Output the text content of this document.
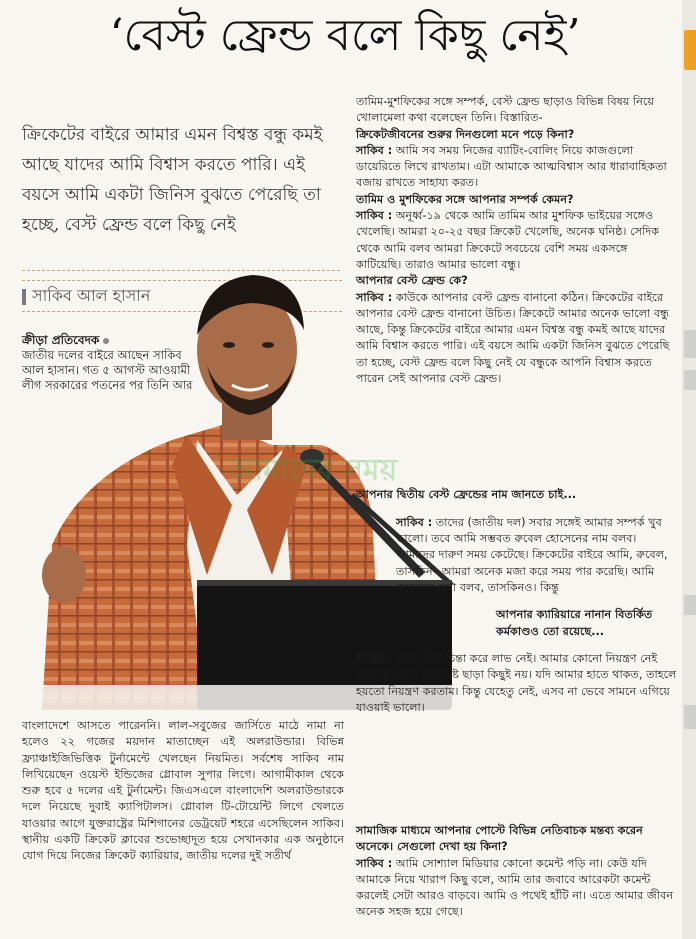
‘বেস্ট ফ্রেন্ড বলে কিছু নেই’
ক্রিকেটের বাইরে আমার এমন বিশ্বস্ত বন্ধু কমই আছে যাদের আমি বিশ্বাস করতে পারি। এই বয়সে আমি একটা জিনিস বুঝতে পেরেছি তা হচ্ছে, বেস্ট ফ্রেন্ড বলে কিছু নেই
সাকিব আল হাসান
ক্রীড়া প্রতিবেদক
জাতীয় দলের বাইরে আছেন সাকিব আল হাসান। গত ৫ আগস্ট আওয়ামী লীগ সরকারের পতনের পর তিনি আর
আমাদের সময়

তামিম-মুশফিকের সঙ্গে সম্পর্ক, বেস্ট ফ্রেন্ড ছাড়াও বিভিন্ন বিষয় নিয়ে খোলামেলা কথা বলেছেন তিনি। বিস্তারিত-

ক্রিকেটজীবনের শুরুর দিনগুলো মনে পড়ে কিনা?

সাকিব : আমি সব সময় নিজের ব্যাটিং-বোলিং নিয়ে কাজগুলো ডায়েরিতে লিখে রাখতাম। এটা আমাকে আত্মবিশ্বাস আর ধারাবাহিকতা বজায় রাখতে সাহায্য করত।

তামিম ও মুশফিকের সঙ্গে আপনার সম্পর্ক কেমন?

সাকিব : অনূর্ধ্ব-১৯ থেকে আমি তামিম আর মুশফিক ভাইয়ের সঙ্গেও খেলেছি। আমরা ২০-২৫ বছর ক্রিকেট খেলেছি, অনেক ঘনিষ্ঠ। সেদিক থেকে আমি বলব আমরা ক্রিকেটে সবচেয়ে বেশি সময় একসঙ্গে কাটিয়েছি। তারাও আমার ভালো বন্ধু।

আপনার বেস্ট ফ্রেন্ড কে?

সাকিব : কাউকে আপনার বেস্ট ফ্রেন্ড বানানো কঠিন। ক্রিকেটের বাইরে আপনার বেস্ট ফ্রেন্ড বানানো উচিত। ক্রিকেটে আমার অনেক ভালো বন্ধু আছে, কিন্তু ক্রিকেটের বাইরে আমার এমন বিশ্বস্ত বন্ধু কমই আছে যাদের আমি বিশ্বাস করতে পারি। এই বয়সে আমি একটা জিনিস বুঝতে পেরেছি তা হচ্ছে, বেস্ট ফ্রেন্ড বলে কিছু নেই যে বন্ধুকে আপনি বিশ্বাস করতে পারেন সেই আপনার বেস্ট ফ্রেন্ড।

আপনার দ্বিতীয় বেস্ট ফ্রেন্ডের নাম জানতে চাই...

সাকিব : তাদের (জাতীয় দল) সবার সঙ্গেই আমার সম্পর্ক খুব ভালো। তবে আমি সম্ভবত রুবেল হোসেনের নাম বলব। আমাদের দারুণ সময় কেটেছে। ক্রিকেটের বাইরে আমি, রুবেল, তাসকিন– আমরা অনেক মজা করে সময় পার করেছি। আমি রুবেলের কথা বলব, তাসকিনও। কিন্তু

আপনার ক্যারিয়ারে নানান বিতর্কিত কর্মকাণ্ডও তো রয়েছে...

সাকিব : এসব নিয়ে চিন্তা করে লাভ নেই। আমার কোনো নিয়ন্ত্রণ নেই এসবের ওপর। সময় নষ্ট ছাড়া কিছুই নয়। যদি আমার হাতে থাকত, তাহলে হয়তো নিয়ন্ত্রণ করতাম। কিন্তু যেহেতু নেই, এসব না ভেবে সামনে এগিয়ে যাওয়াই ভালো।

সামাজিক মাধ্যমে আপনার পোস্টে বিভিন্ন নেতিবাচক মন্তব্য করেন অনেকে। সেগুলো দেখা হয় কিনা?

সাকিব : আমি সোশ্যাল মিডিয়ার কোনো কমেন্ট পড়ি না। কেউ যদি আমাকে নিয়ে খারাপ কিছু বলে, আমি তার জবাবে আরেকটা কমেন্ট করলেই সেটা আরও বাড়বে। আমি ও পথেই হাঁটি না। এতে আমার জীবন অনেক সহজ হয়ে গেছে।

বাংলাদেশে আসতে পারেননি। লাল-সবুজের জার্সিতে মাঠে নামা না হলেও ২২ গজের ময়দান মাতাচ্ছেন এই অলরাউন্ডার। বিভিন্ন ফ্র্যাঞ্চাইজিভিত্তিক টুর্নামেন্টে খেলছেন নিয়মিত। সর্বশেষ সাকিব নাম লিখিয়েছেন ওয়েস্ট ইন্ডিজের গ্লোবাল সুপার লিগে। আগামীকাল থেকে শুরু হবে ৫ দলের এই টুর্নামেন্ট। জিএসএলে বাংলাদেশি অলরাউন্ডারকে দলে নিয়েছে দুবাই ক্যাপিটালস। গ্লোবাল টি-টোয়েন্টি লিগে খেলতে যাওয়ার আগে যুক্তরাষ্ট্রের মিশিগানের ডেট্রয়েট শহরে এসেছিলেন সাকিব। স্থানীয় একটি ক্রিকেট ক্লাবের শুভেচ্ছাদূত হয়ে সেখানকার এক অনুষ্ঠানে যোগ দিয়ে নিজের ক্রিকেট ক্যারিয়ার, জাতীয় দলের দুই সতীর্থ
